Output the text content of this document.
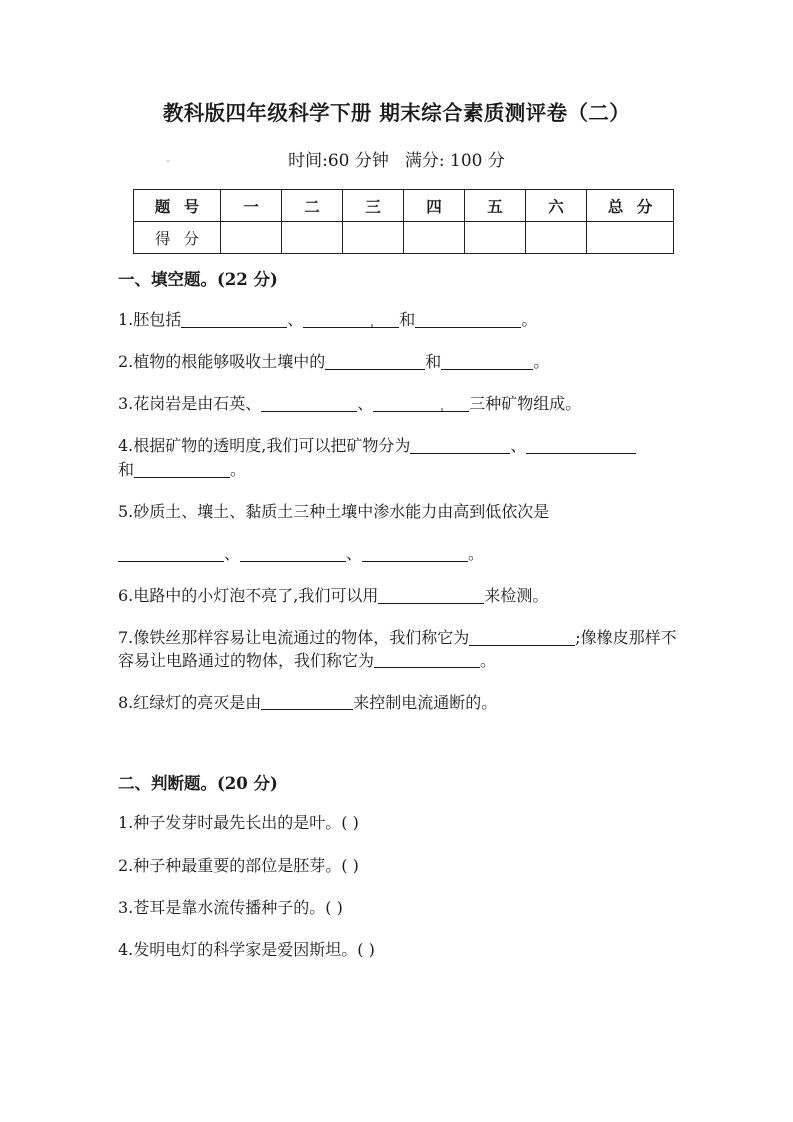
教科版四年级科学下册 期末综合素质测评卷（二）
时间:60 分钟 满分: 100 分
题 号	一	二	三	四	五	六	总 分
得 分							
一、填空题。(22 分)
1.胚包括	、	和	。
2.植物的根能够吸收土壤中的	和	。
3.花岗岩是由石英、	、	三种矿物组成。
4.根据矿物的透明度,我们可以把矿物分为	、
和	。
5.砂质土、壤土、黏质土三种土壤中渗水能力由高到低依次是
、	、	。
6.电路中的小灯泡不亮了,我们可以用	来检测。
7.像铁丝那样容易让电流通过的物体，我们称它为	;像橡皮那样不容易让电路通过的物体，我们称它为	。
8.红绿灯的亮灭是由	来控制电流通断的。
二、判断题。(20 分)
1.种子发芽时最先长出的是叶。( )
2.种子种最重要的部位是胚芽。( )
3.苍耳是靠水流传播种子的。( )
4.发明电灯的科学家是爱因斯坦。( )
